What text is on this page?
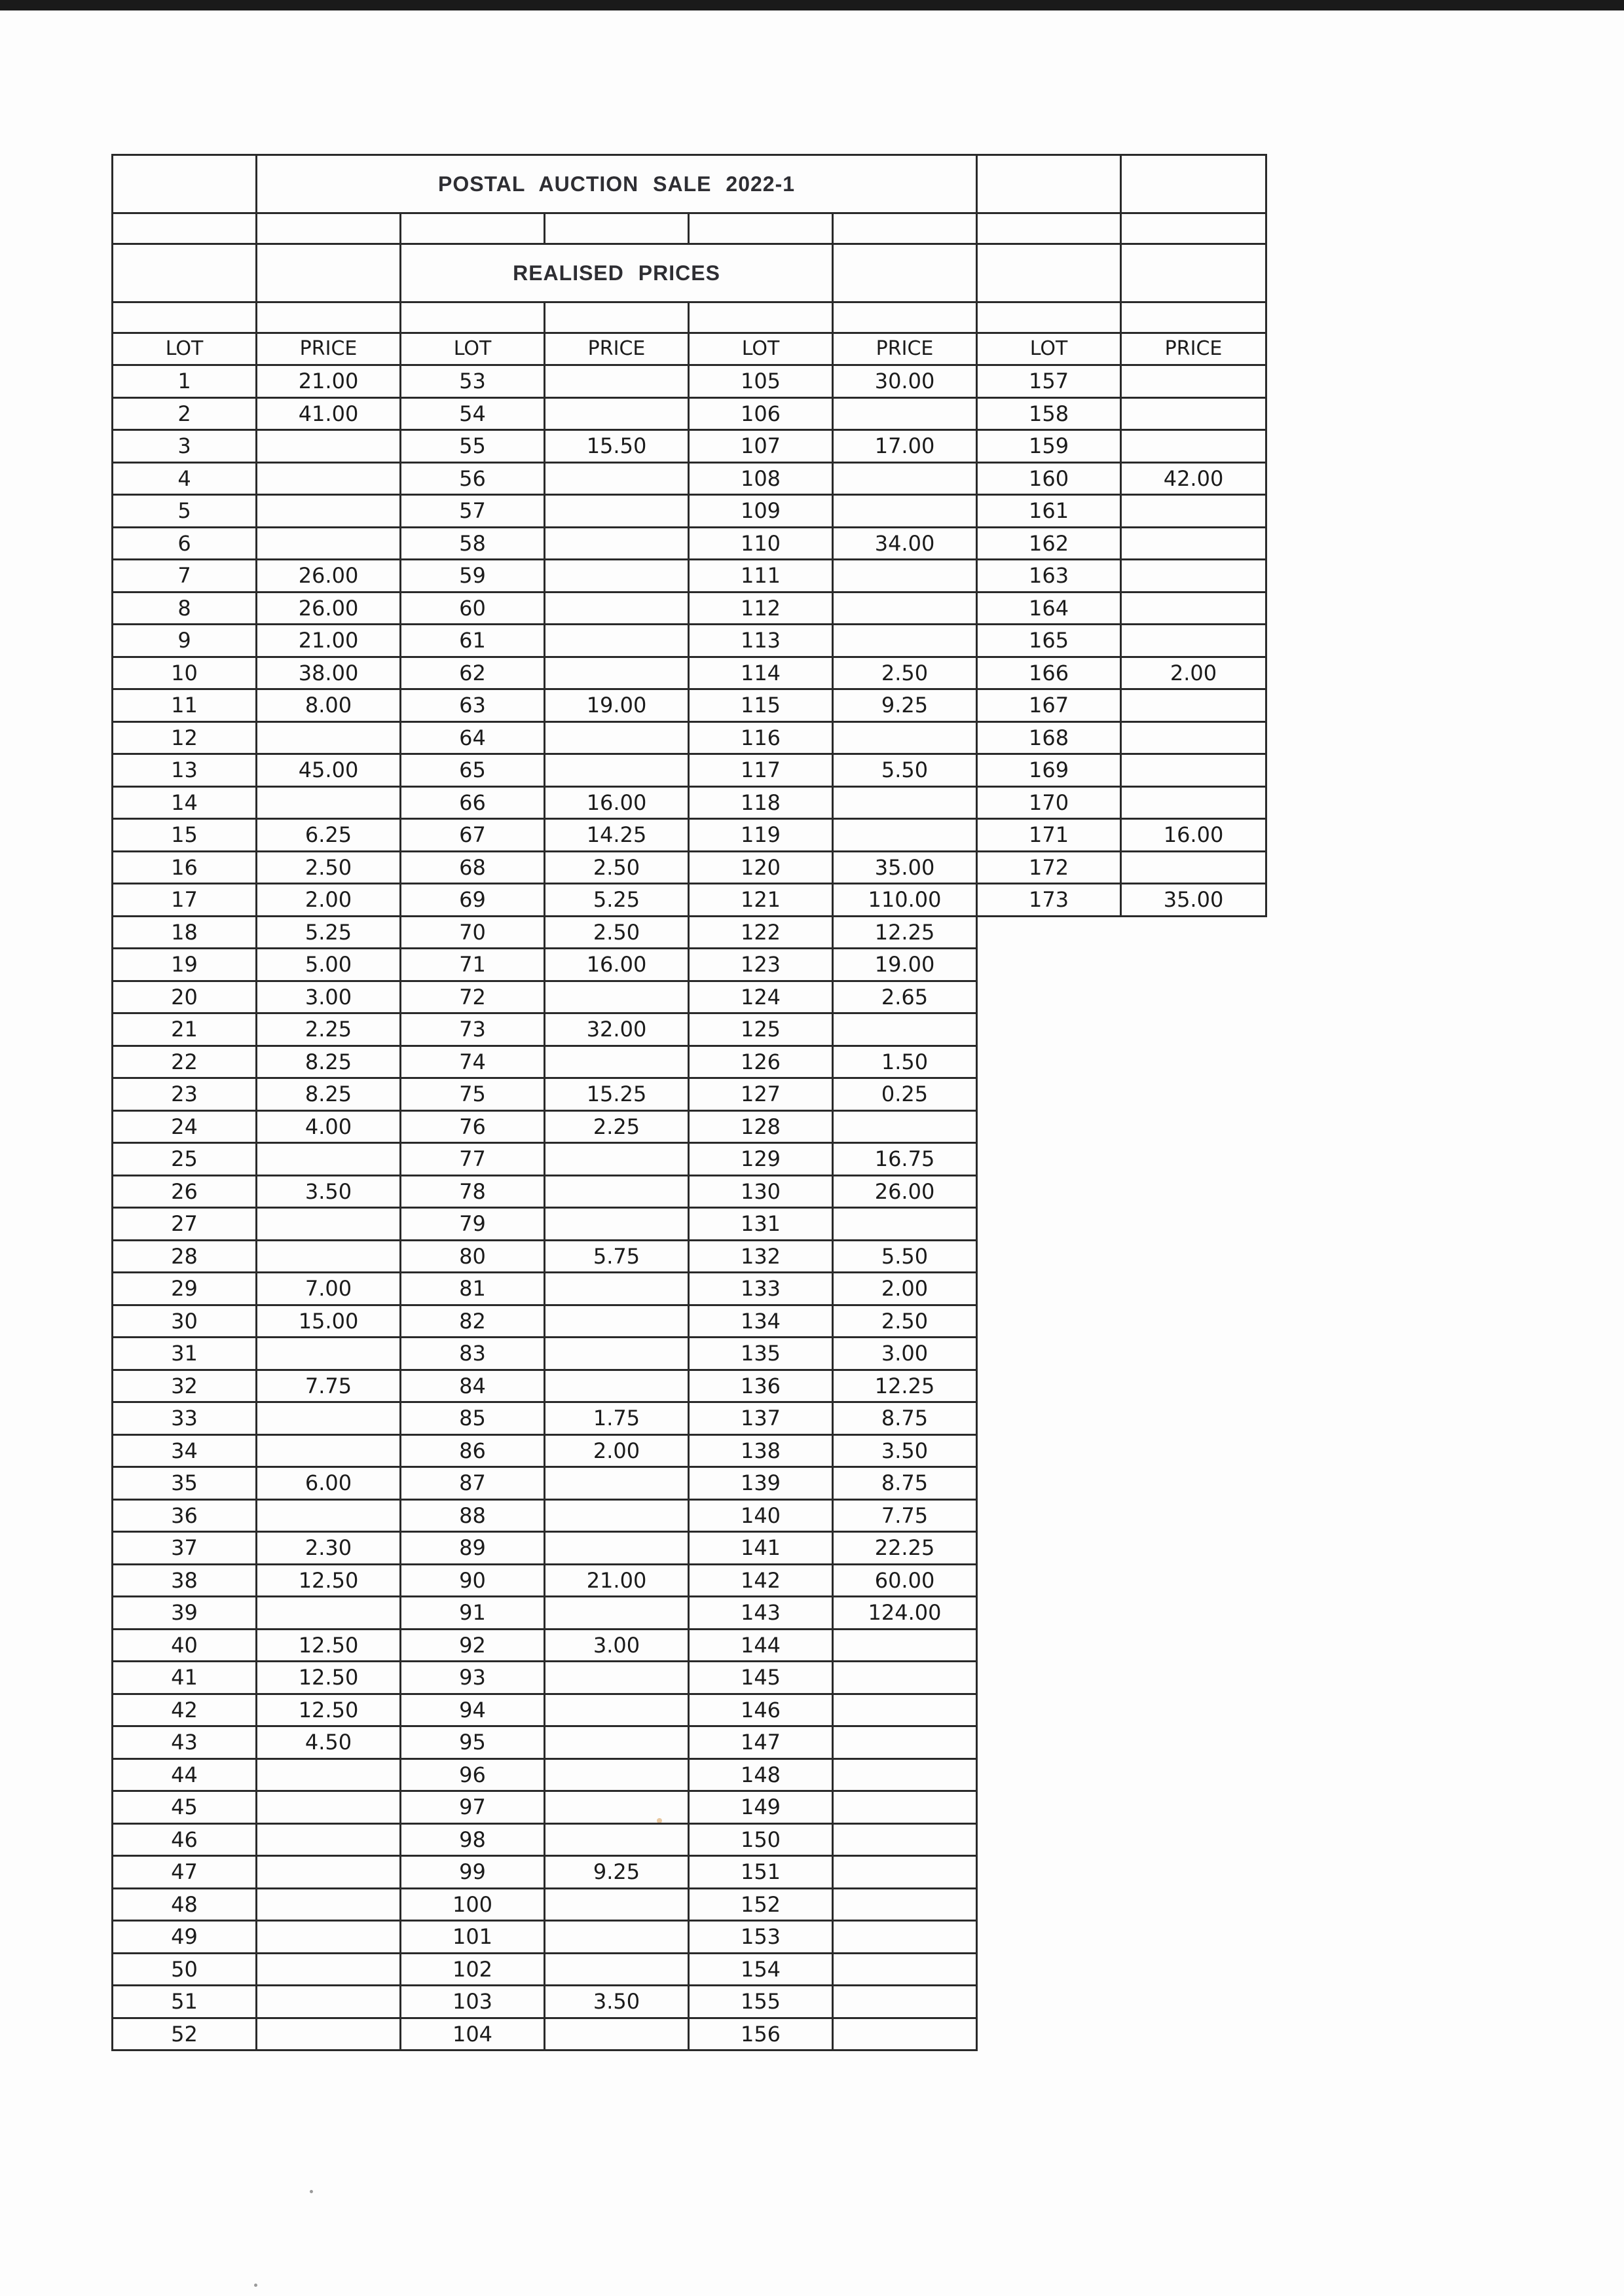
	POSTAL AUCTION SALE 2022-1						

		REALISED PRICES					

LOT	PRICE	LOT	PRICE	LOT	PRICE	LOT	PRICE
1	21.00	53		105	30.00	157	
2	41.00	54		106		158	
3		55	15.50	107	17.00	159	
4		56		108		160	42.00
5		57		109		161	
6		58		110	34.00	162	
7	26.00	59		111		163	
8	26.00	60		112		164	
9	21.00	61		113		165	
10	38.00	62		114	2.50	166	2.00
11	8.00	63	19.00	115	9.25	167	
12		64		116		168	
13	45.00	65		117	5.50	169	
14		66	16.00	118		170	
15	6.25	67	14.25	119		171	16.00
16	2.50	68	2.50	120	35.00	172	
17	2.00	69	5.25	121	110.00	173	35.00
18	5.25	70	2.50	122	12.25		
19	5.00	71	16.00	123	19.00		
20	3.00	72		124	2.65		
21	2.25	73	32.00	125			
22	8.25	74		126	1.50		
23	8.25	75	15.25	127	0.25		
24	4.00	76	2.25	128			
25		77		129	16.75		
26	3.50	78		130	26.00		
27		79		131			
28		80	5.75	132	5.50		
29	7.00	81		133	2.00		
30	15.00	82		134	2.50		
31		83		135	3.00		
32	7.75	84		136	12.25		
33		85	1.75	137	8.75		
34		86	2.00	138	3.50		
35	6.00	87		139	8.75		
36		88		140	7.75		
37	2.30	89		141	22.25		
38	12.50	90	21.00	142	60.00		
39		91		143	124.00		
40	12.50	92	3.00	144			
41	12.50	93		145			
42	12.50	94		146			
43	4.50	95		147			
44		96		148			
45		97		149			
46		98		150			
47		99	9.25	151			
48		100		152			
49		101		153			
50		102		154			
51		103	3.50	155			
52		104		156			
